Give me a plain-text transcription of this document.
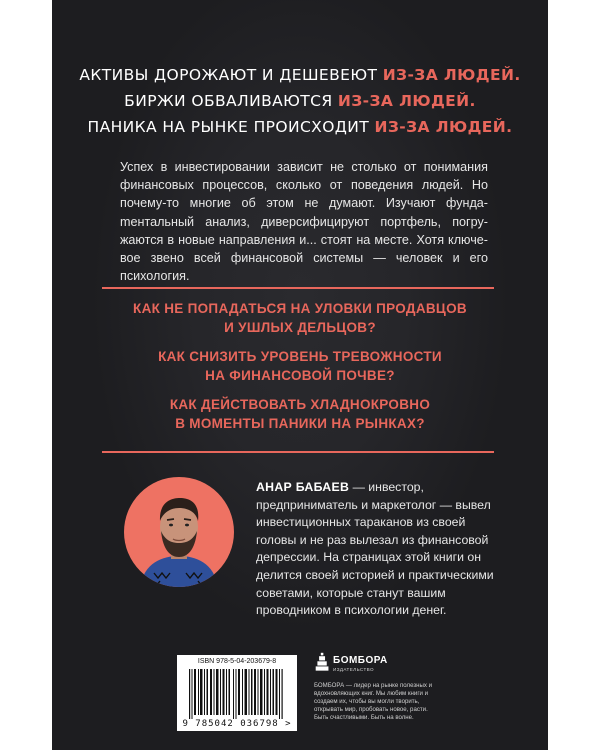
АКТИВЫ ДОРОЖАЮТ И ДЕШЕВЕЮТ ИЗ-ЗА ЛЮДЕЙ.
БИРЖИ ОБВАЛИВАЮТСЯ ИЗ-ЗА ЛЮДЕЙ.
ПАНИКА НА РЫНКЕ ПРОИСХОДИТ ИЗ-ЗА ЛЮДЕЙ.
Успех в инвестировании зависит не столько от понимания финансовых процессов, сколько от поведения людей. Но почему-то многие об этом не думают. Изучают фундаmентальный анализ, диверсифицируют портфель, погружаются в новые направления и... стоят на месте. Хотя ключевое звено всей финансовой системы — человек и его психология.
КАК НЕ ПОПАДАТЬСЯ НА УЛОВКИ ПРОДАВЦОВ
И УШЛЫХ ДЕЛЬЦОВ?
КАК СНИЗИТЬ УРОВЕНЬ ТРЕВОЖНОСТИ
НА ФИНАНСОВОЙ ПОЧВЕ?
КАК ДЕЙСТВОВАТЬ ХЛАДНОКРОВНО
В МОМЕНТЫ ПАНИКИ НА РЫНКАХ?
АНАР БАБАЕВ — инвестор, предприниматель и маркетолог — вывел инвестиционных тараканов из своей головы и не раз вылезал из финансовой депрессии. На страницах этой книги он делится своей историей и практическими советами, которые станут вашим проводником в психологии денег.
ISBN 978-5-04-203679-8
9 785042 036798 >
БОМБОРА
ИЗДАТЕЛЬСТВО
БОМБОРА — лидер на рынке полезных и вдохновляющих книг. Мы любим книги и создаем их, чтобы вы могли творить, открывать мир, пробовать новое, расти. Быть счастливыми. Быть на волне.
